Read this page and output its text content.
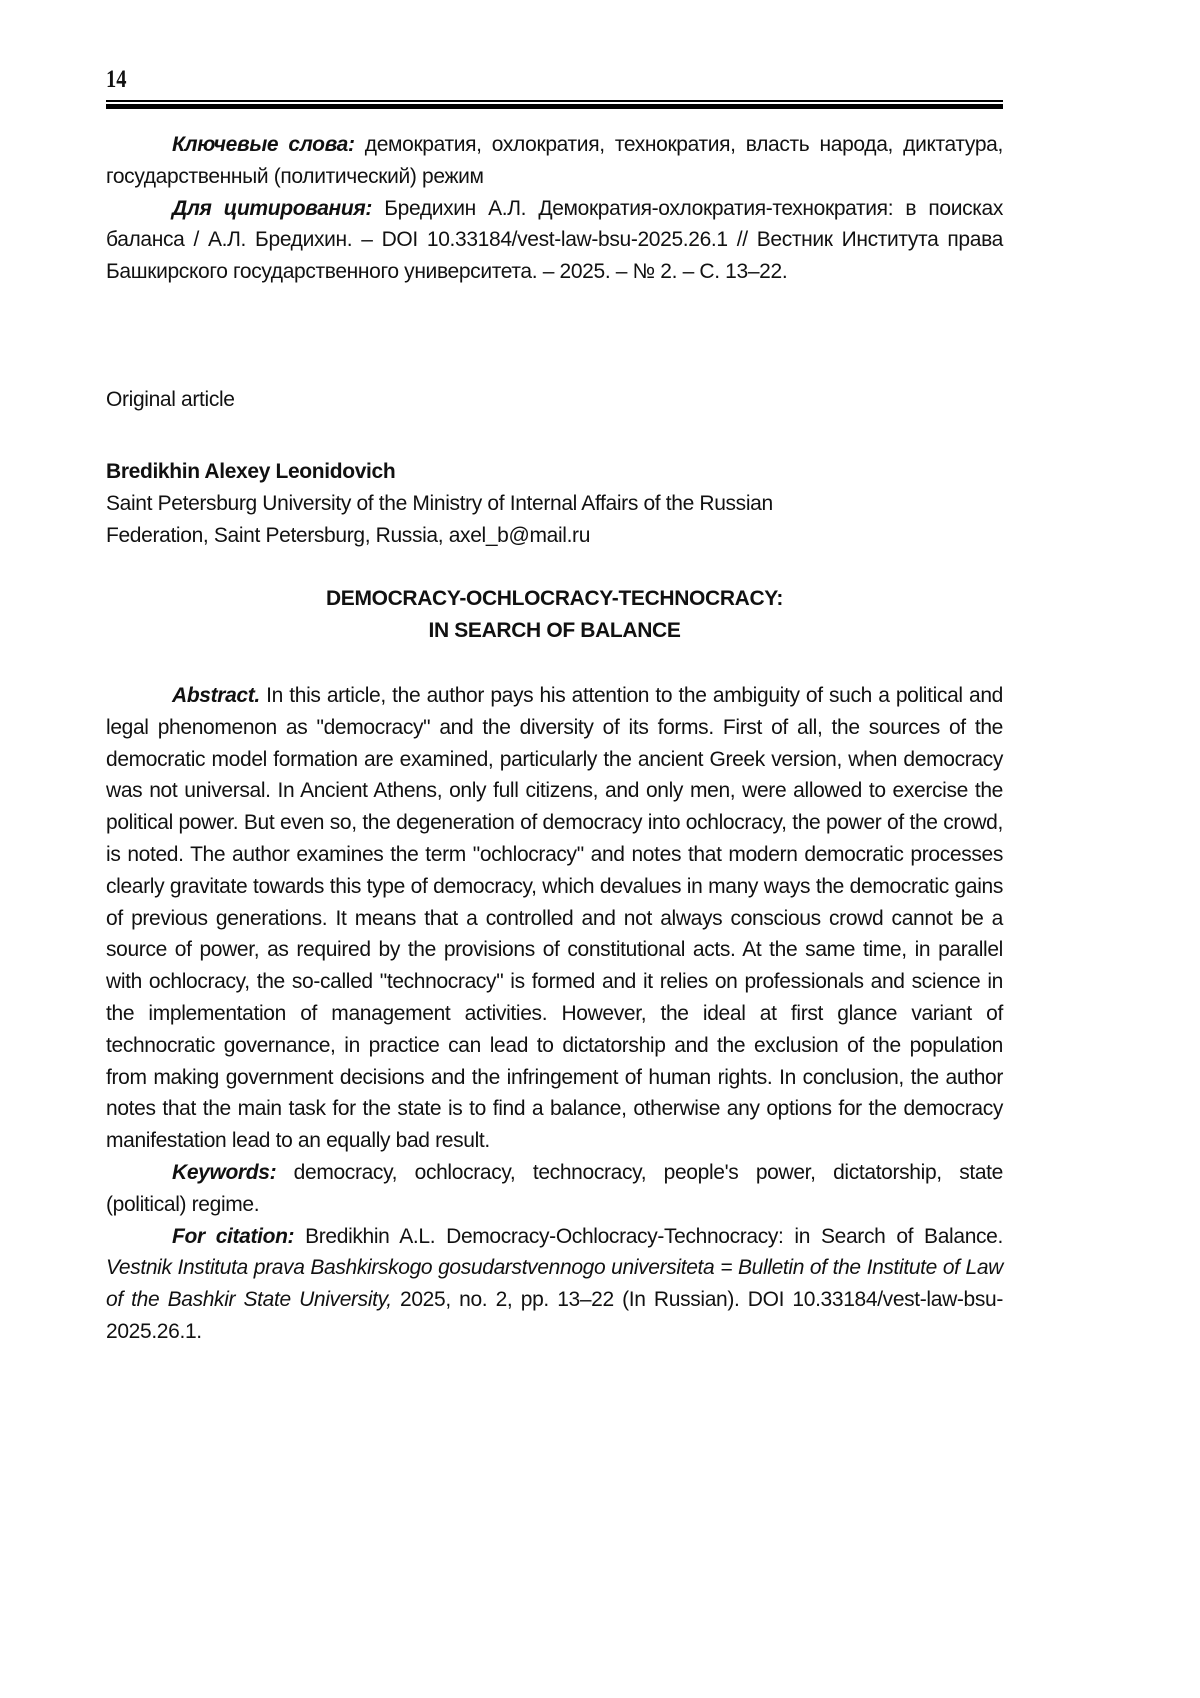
14

Ключевые слова: демократия, охлократия, технократия, власть народа, диктатура, государственный (политический) режим

Для цитирования: Бредихин А.Л. Демократия-охлократия-технократия: в поисках баланса / А.Л. Бредихин. – DOI 10.33184/vest-law-bsu-2025.26.1 // Вестник Института права Башкирского государственного университета. – 2025. – № 2. – С. 13–22.

Original article
Bredikhin Alexey Leonidovich
Saint Petersburg University of the Ministry of Internal Affairs of the Russian
Federation, Saint Petersburg, Russia, axel_b@mail.ru
DEMOCRACY-OCHLOCRACY-TECHNOCRACY:
IN SEARCH OF BALANCE

Abstract. In this article, the author pays his attention to the ambiguity of such a political and legal phenomenon as "democracy" and the diversity of its forms. First of all, the sources of the democratic model formation are examined, particularly the ancient Greek version, when democracy was not universal. In Ancient Athens, only full citizens, and only men, were allowed to exercise the political power. But even so, the degeneration of democracy into ochlocracy, the power of the crowd, is noted. The author examines the term "ochlocracy" and notes that modern democratic processes clearly gravitate towards this type of democracy, which devalues in many ways the democratic gains of previous generations. It means that a controlled and not always conscious crowd cannot be a source of power, as required by the provisions of constitutional acts. At the same time, in parallel with ochlocracy, the so-called "technocracy" is formed and it relies on professionals and science in the implementation of management activities. However, the ideal at first glance variant of technocratic governance, in practice can lead to dictatorship and the exclusion of the population from making government decisions and the infringement of human rights. In conclusion, the author notes that the main task for the state is to find a balance, otherwise any options for the democracy manifestation lead to an equally bad result.

Keywords: democracy, ochlocracy, technocracy, people's power, dictatorship, state (political) regime.

For citation: Bredikhin A.L. Democracy-Ochlocracy-Technocracy: in Search of Balance. Vestnik Instituta prava Bashkirskogo gosudarstvennogo universiteta = Bulletin of the Institute of Law of the Bashkir State University, 2025, no. 2, pp. 13–22 (In Russian). DOI 10.33184/vest-law-bsu-2025.26.1.
